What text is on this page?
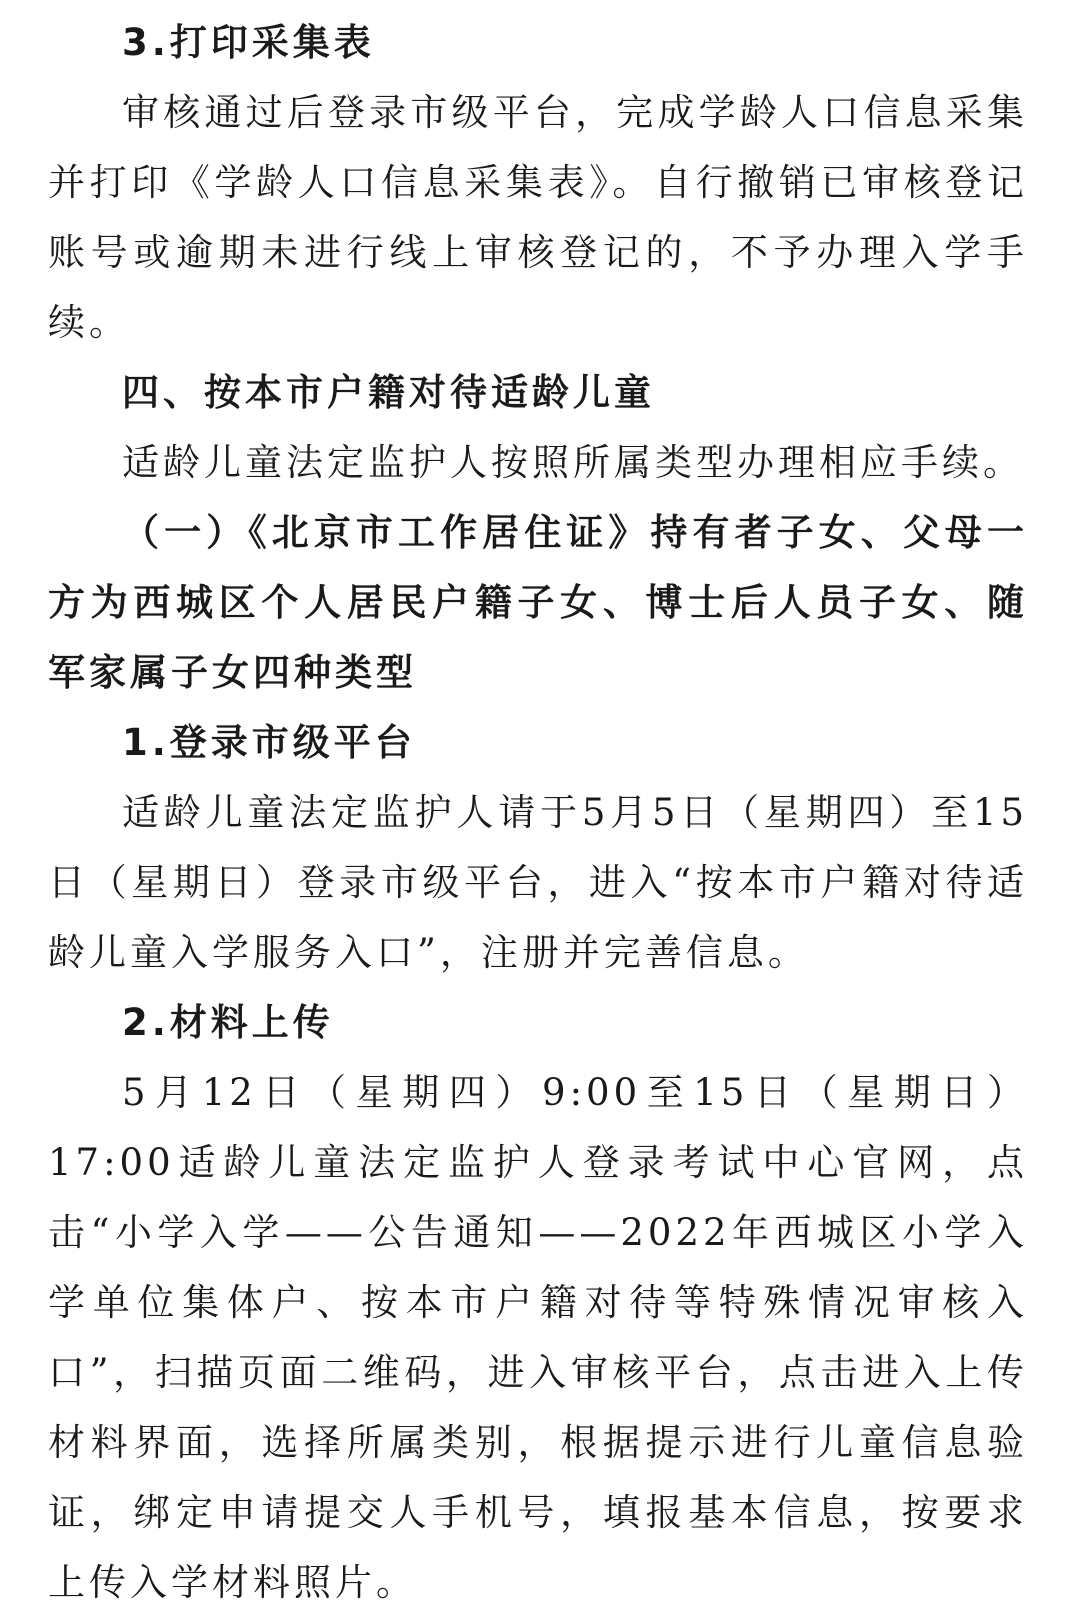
3.打印采集表

审核通过后登录市级平台，完成学龄人口信息采集并打印《学龄人口信息采集表》。自行撤销已审核登记账号或逾期未进行线上审核登记的，不予办理入学手续。

四、按本市户籍对待适龄儿童

适龄儿童法定监护人按照所属类型办理相应手续。

（一）《北京市工作居住证》持有者子女、父母一方为西城区个人居民户籍子女、博士后人员子女、随军家属子女四种类型

1.登录市级平台

适龄儿童法定监护人请于5月5日（星期四）至15日（星期日）登录市级平台，进入“按本市户籍对待适龄儿童入学服务入口”，注册并完善信息。

2.材料上传

5月12日（星期四）9:00至15日（星期日）17:00适龄儿童法定监护人登录考试中心官网，点击“小学入学——公告通知——2022年西城区小学入学单位集体户、按本市户籍对待等特殊情况审核入口”，扫描页面二维码，进入审核平台，点击进入上传材料界面，选择所属类别，根据提示进行儿童信息验证，绑定申请提交人手机号，填报基本信息，按要求上传入学材料照片。
